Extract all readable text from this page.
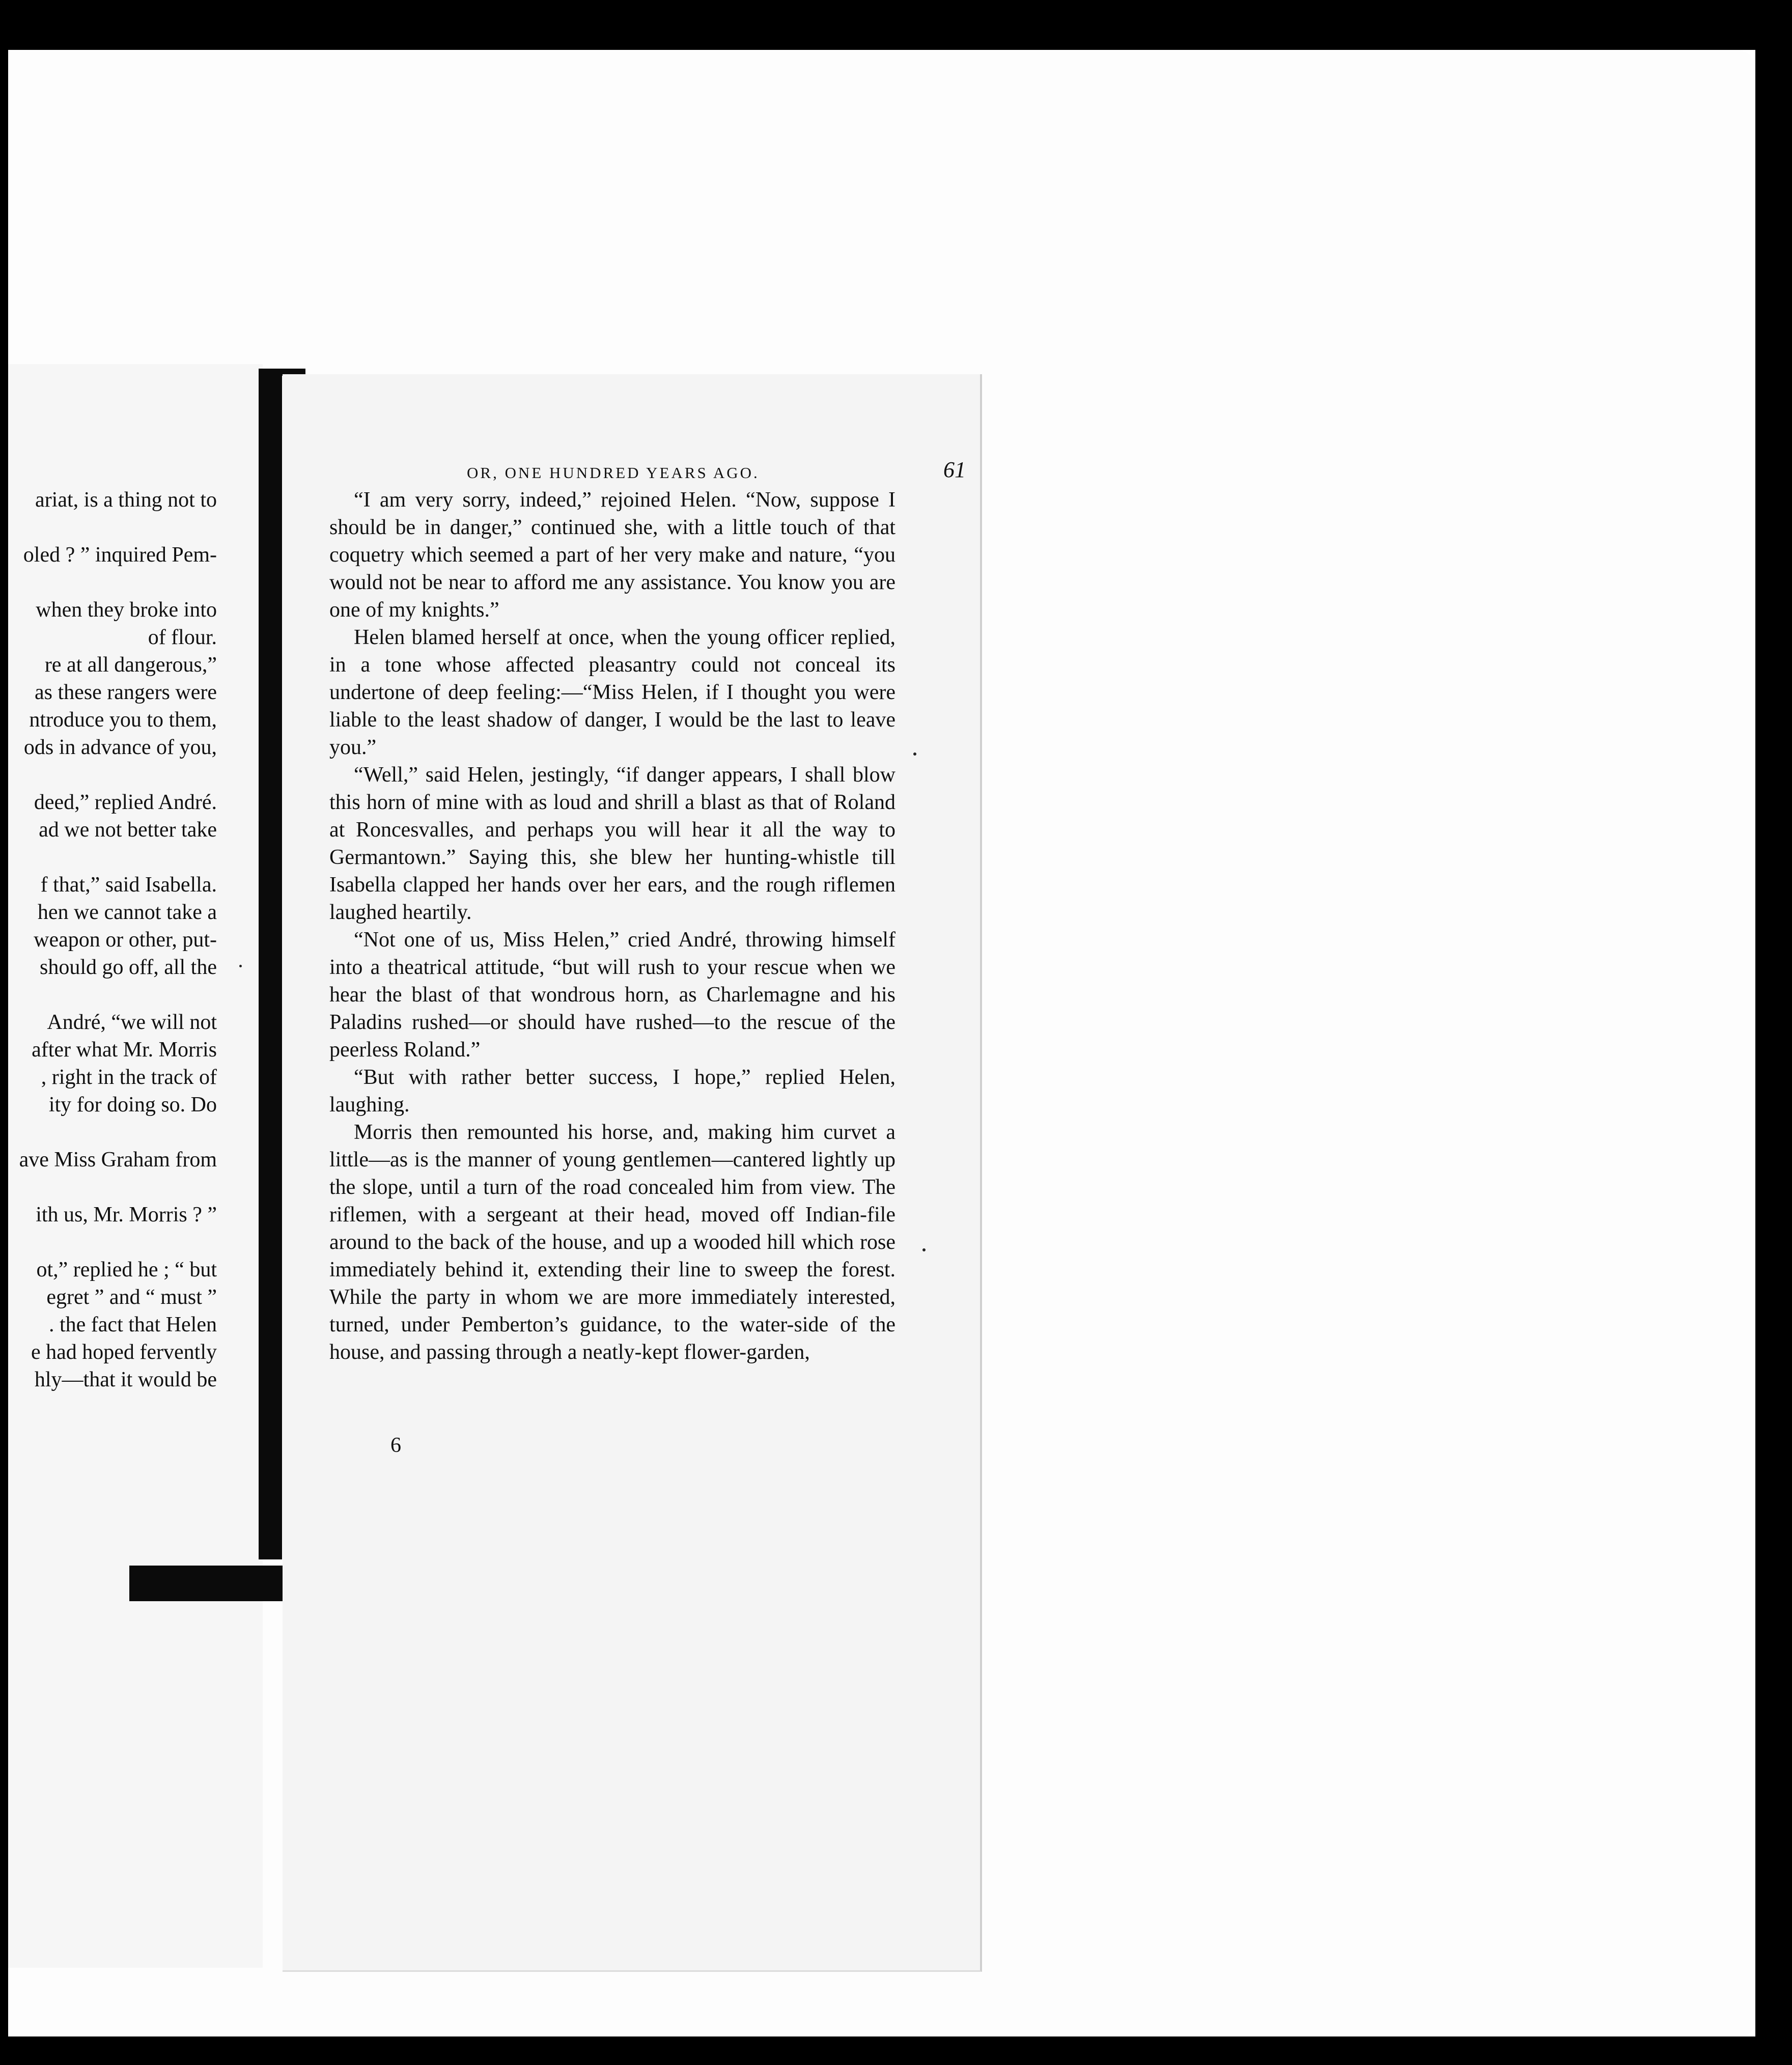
ariat, is a thing not to
oled ? ” inquired Pem-
when they broke into
of flour.
re at all dangerous,”
as these rangers were
ntroduce you to them,
ods in advance of you,
deed,” replied André.
ad we not better take
f that,” said Isabella.
hen we cannot take a
weapon or other, put-
should go off, all the
André, “we will not
after what Mr. Morris
, right in the track of
ity for doing so. Do
ave Miss Graham from
ith us, Mr. Morris ? ”
ot,” replied he ; “ but
egret ” and “ must ”
. the fact that Helen
e had hoped fervently
hly—that it would be
OR, ONE HUNDRED YEARS AGO.	61

“I am very sorry, indeed,” rejoined Helen. “Now, suppose I should be in danger,” continued she, with a little touch of that coquetry which seemed a part of her very make and nature, “you would not be near to afford me any assistance. You know you are one of my knights.”

Helen blamed herself at once, when the young officer replied, in a tone whose affected pleasantry could not conceal its undertone of deep feeling:—“Miss Helen, if I thought you were liable to the least shadow of danger, I would be the last to leave you.”

“Well,” said Helen, jestingly, “if danger appears, I shall blow this horn of mine with as loud and shrill a blast as that of Roland at Roncesvalles, and perhaps you will hear it all the way to Germantown.” Saying this, she blew her hunting-whistle till Isabella clapped her hands over her ears, and the rough riflemen laughed heartily.

“Not one of us, Miss Helen,” cried André, throwing himself into a theatrical attitude, “but will rush to your rescue when we hear the blast of that wondrous horn, as Charlemagne and his Paladins rushed—or should have rushed—to the rescue of the peerless Roland.”

“But with rather better success, I hope,” replied Helen, laughing.

Morris then remounted his horse, and, making him curvet a little—as is the manner of young gentlemen—cantered lightly up the slope, until a turn of the road concealed him from view. The riflemen, with a sergeant at their head, moved off Indian-file around to the back of the house, and up a wooded hill which rose immediately behind it, extending their line to sweep the forest. While the party in whom we are more immediately interested, turned, under Pemberton’s guidance, to the water-side of the house, and passing through a neatly-kept flower-garden,

6
